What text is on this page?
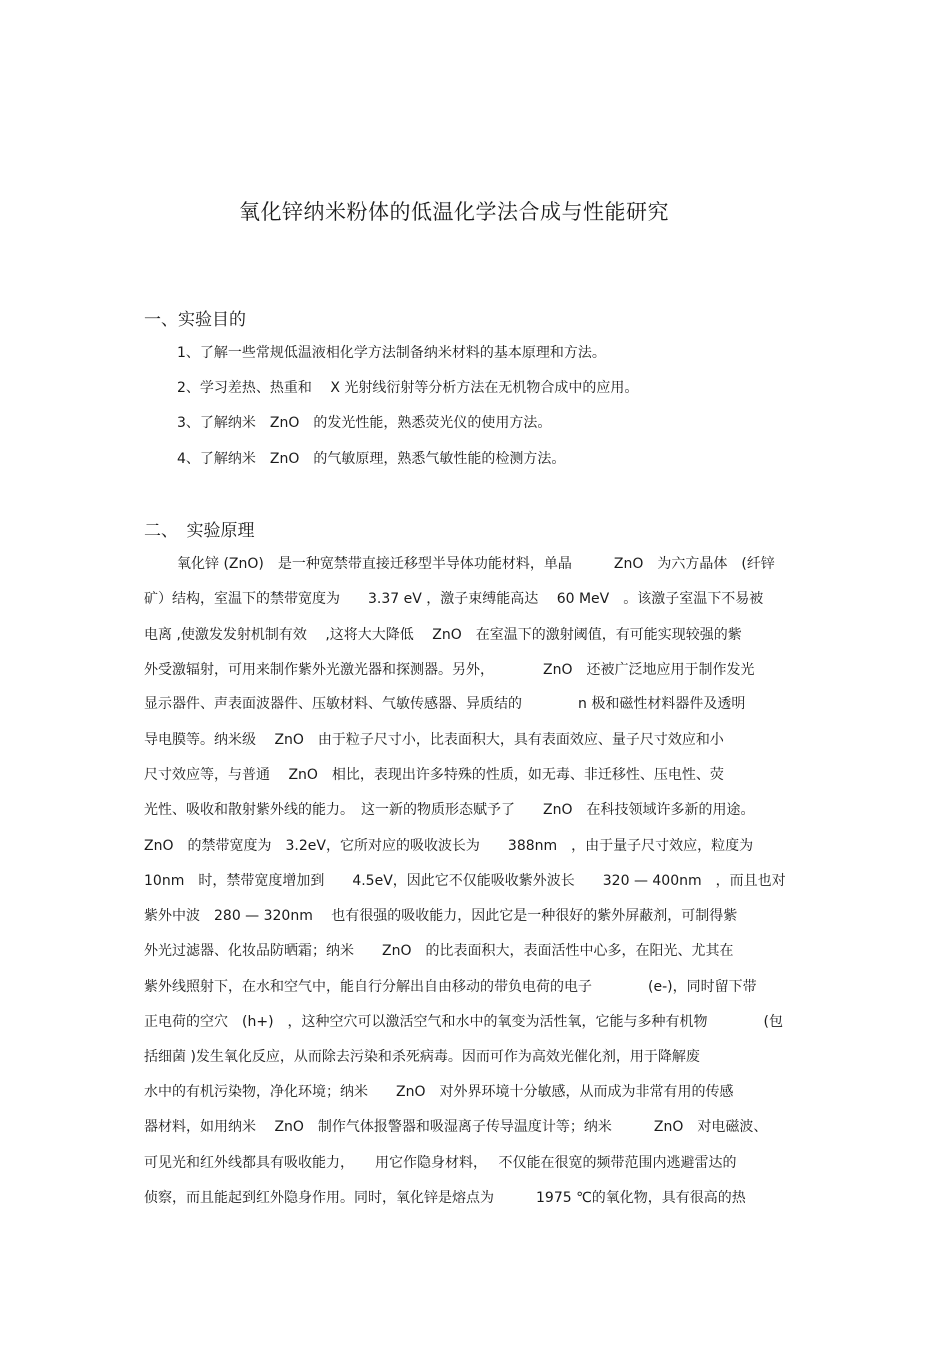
氧化锌纳米粉体的低温化学法合成与性能研究
一、实验目的
1、了解一些常规低温液相化学方法制备纳米材料的基本原理和方法。
2、学习差热、热重和　 X 光射线衍射等分析方法在无机物合成中的应用。
3、了解纳米　ZnO　的发光性能，熟悉荧光仪的使用方法。
4、了解纳米　ZnO　的气敏原理，熟悉气敏性能的检测方法。
二、　实验原理
氧化锌 (ZnO)　是一种宽禁带直接迁移型半导体功能材料，单晶　　　ZnO　为六方晶体　(纤锌
矿）结构，室温下的禁带宽度为　　3.37 eV ，激子束缚能高达　 60 MeV　。该激子室温下不易被
电离 ,使激发发射机制有效　 ,这将大大降低　 ZnO　在室温下的激射阈值，有可能实现较强的紫
外受激辐射，可用来制作紫外光激光器和探测器。另外，　　　　ZnO　还被广泛地应用于制作发光
显示器件、声表面波器件、压敏材料、气敏传感器、异质结的　　　　n 极和磁性材料器件及透明
导电膜等。纳米级　 ZnO　由于粒子尺寸小，比表面积大，具有表面效应、量子尺寸效应和小
尺寸效应等，与普通　 ZnO　相比，表现出许多特殊的性质，如无毒、非迁移性、压电性、荧
光性、吸收和散射紫外线的能力。　这一新的物质形态赋予了　　ZnO　在科技领域许多新的用途。
ZnO　的禁带宽度为　3.2eV，它所对应的吸收波长为　　388nm　，由于量子尺寸效应，粒度为
10nm　时，禁带宽度增加到　　4.5eV，因此它不仅能吸收紫外波长　　320 — 400nm　，而且也对
紫外中波　280 — 320nm　 也有很强的吸收能力，因此它是一种很好的紫外屏蔽剂，可制得紫
外光过滤器、化妆品防晒霜；纳米　　ZnO　的比表面积大，表面活性中心多，在阳光、尤其在
紫外线照射下，在水和空气中，能自行分解出自由移动的带负电荷的电子　　　　(e-)，同时留下带
正电荷的空穴　(h+)　，这种空穴可以激活空气和水中的氧变为活性氧，它能与多种有机物　　　　(包
括细菌 )发生氧化反应，从而除去污染和杀死病毒。因而可作为高效光催化剂，用于降解废
水中的有机污染物，净化环境；纳米　　ZnO　对外界环境十分敏感，从而成为非常有用的传感
器材料，如用纳米　 ZnO　制作气体报警器和吸湿离子传导温度计等；纳米　　　ZnO　对电磁波、
可见光和红外线都具有吸收能力，　　用它作隐身材料，　 不仅能在很宽的频带范围内逃避雷达的
侦察，而且能起到红外隐身作用。同时，氧化锌是熔点为　　　1975 ℃的氧化物，具有很高的热
